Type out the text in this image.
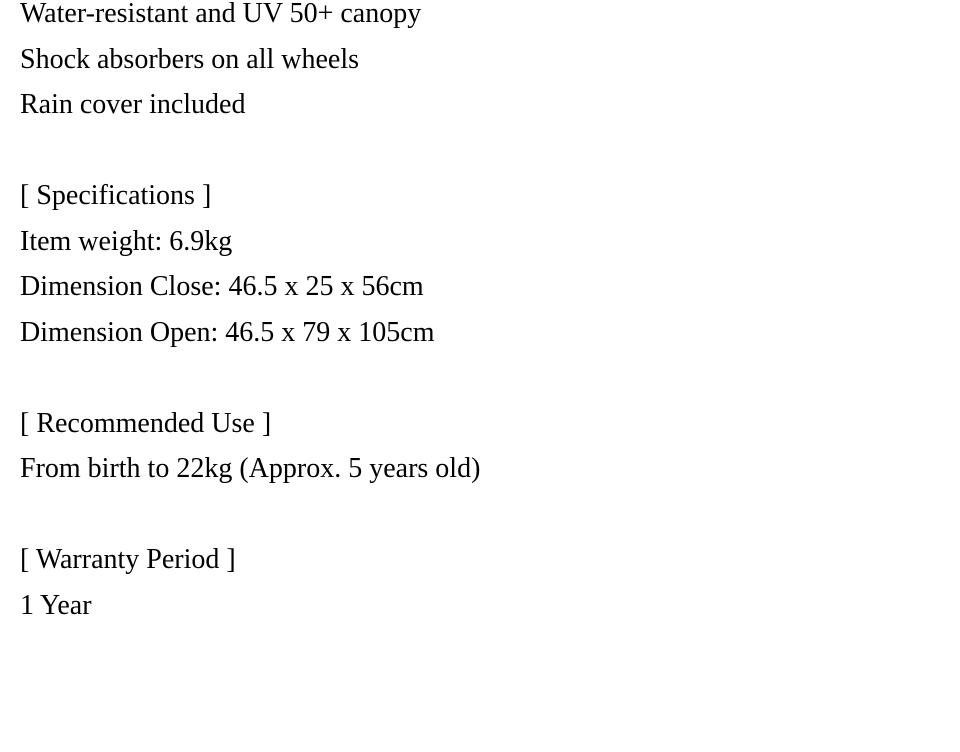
Water-resistant and UV 50+ canopy

Shock absorbers on all wheels

Rain cover included

[ Specifications ]

Item weight: 6.9kg

Dimension Close: 46.5 x 25 x 56cm

Dimension Open: 46.5 x 79 x 105cm

[ Recommended Use ]

From birth to 22kg (Approx. 5 years old)

[ Warranty Period ]

1 Year
